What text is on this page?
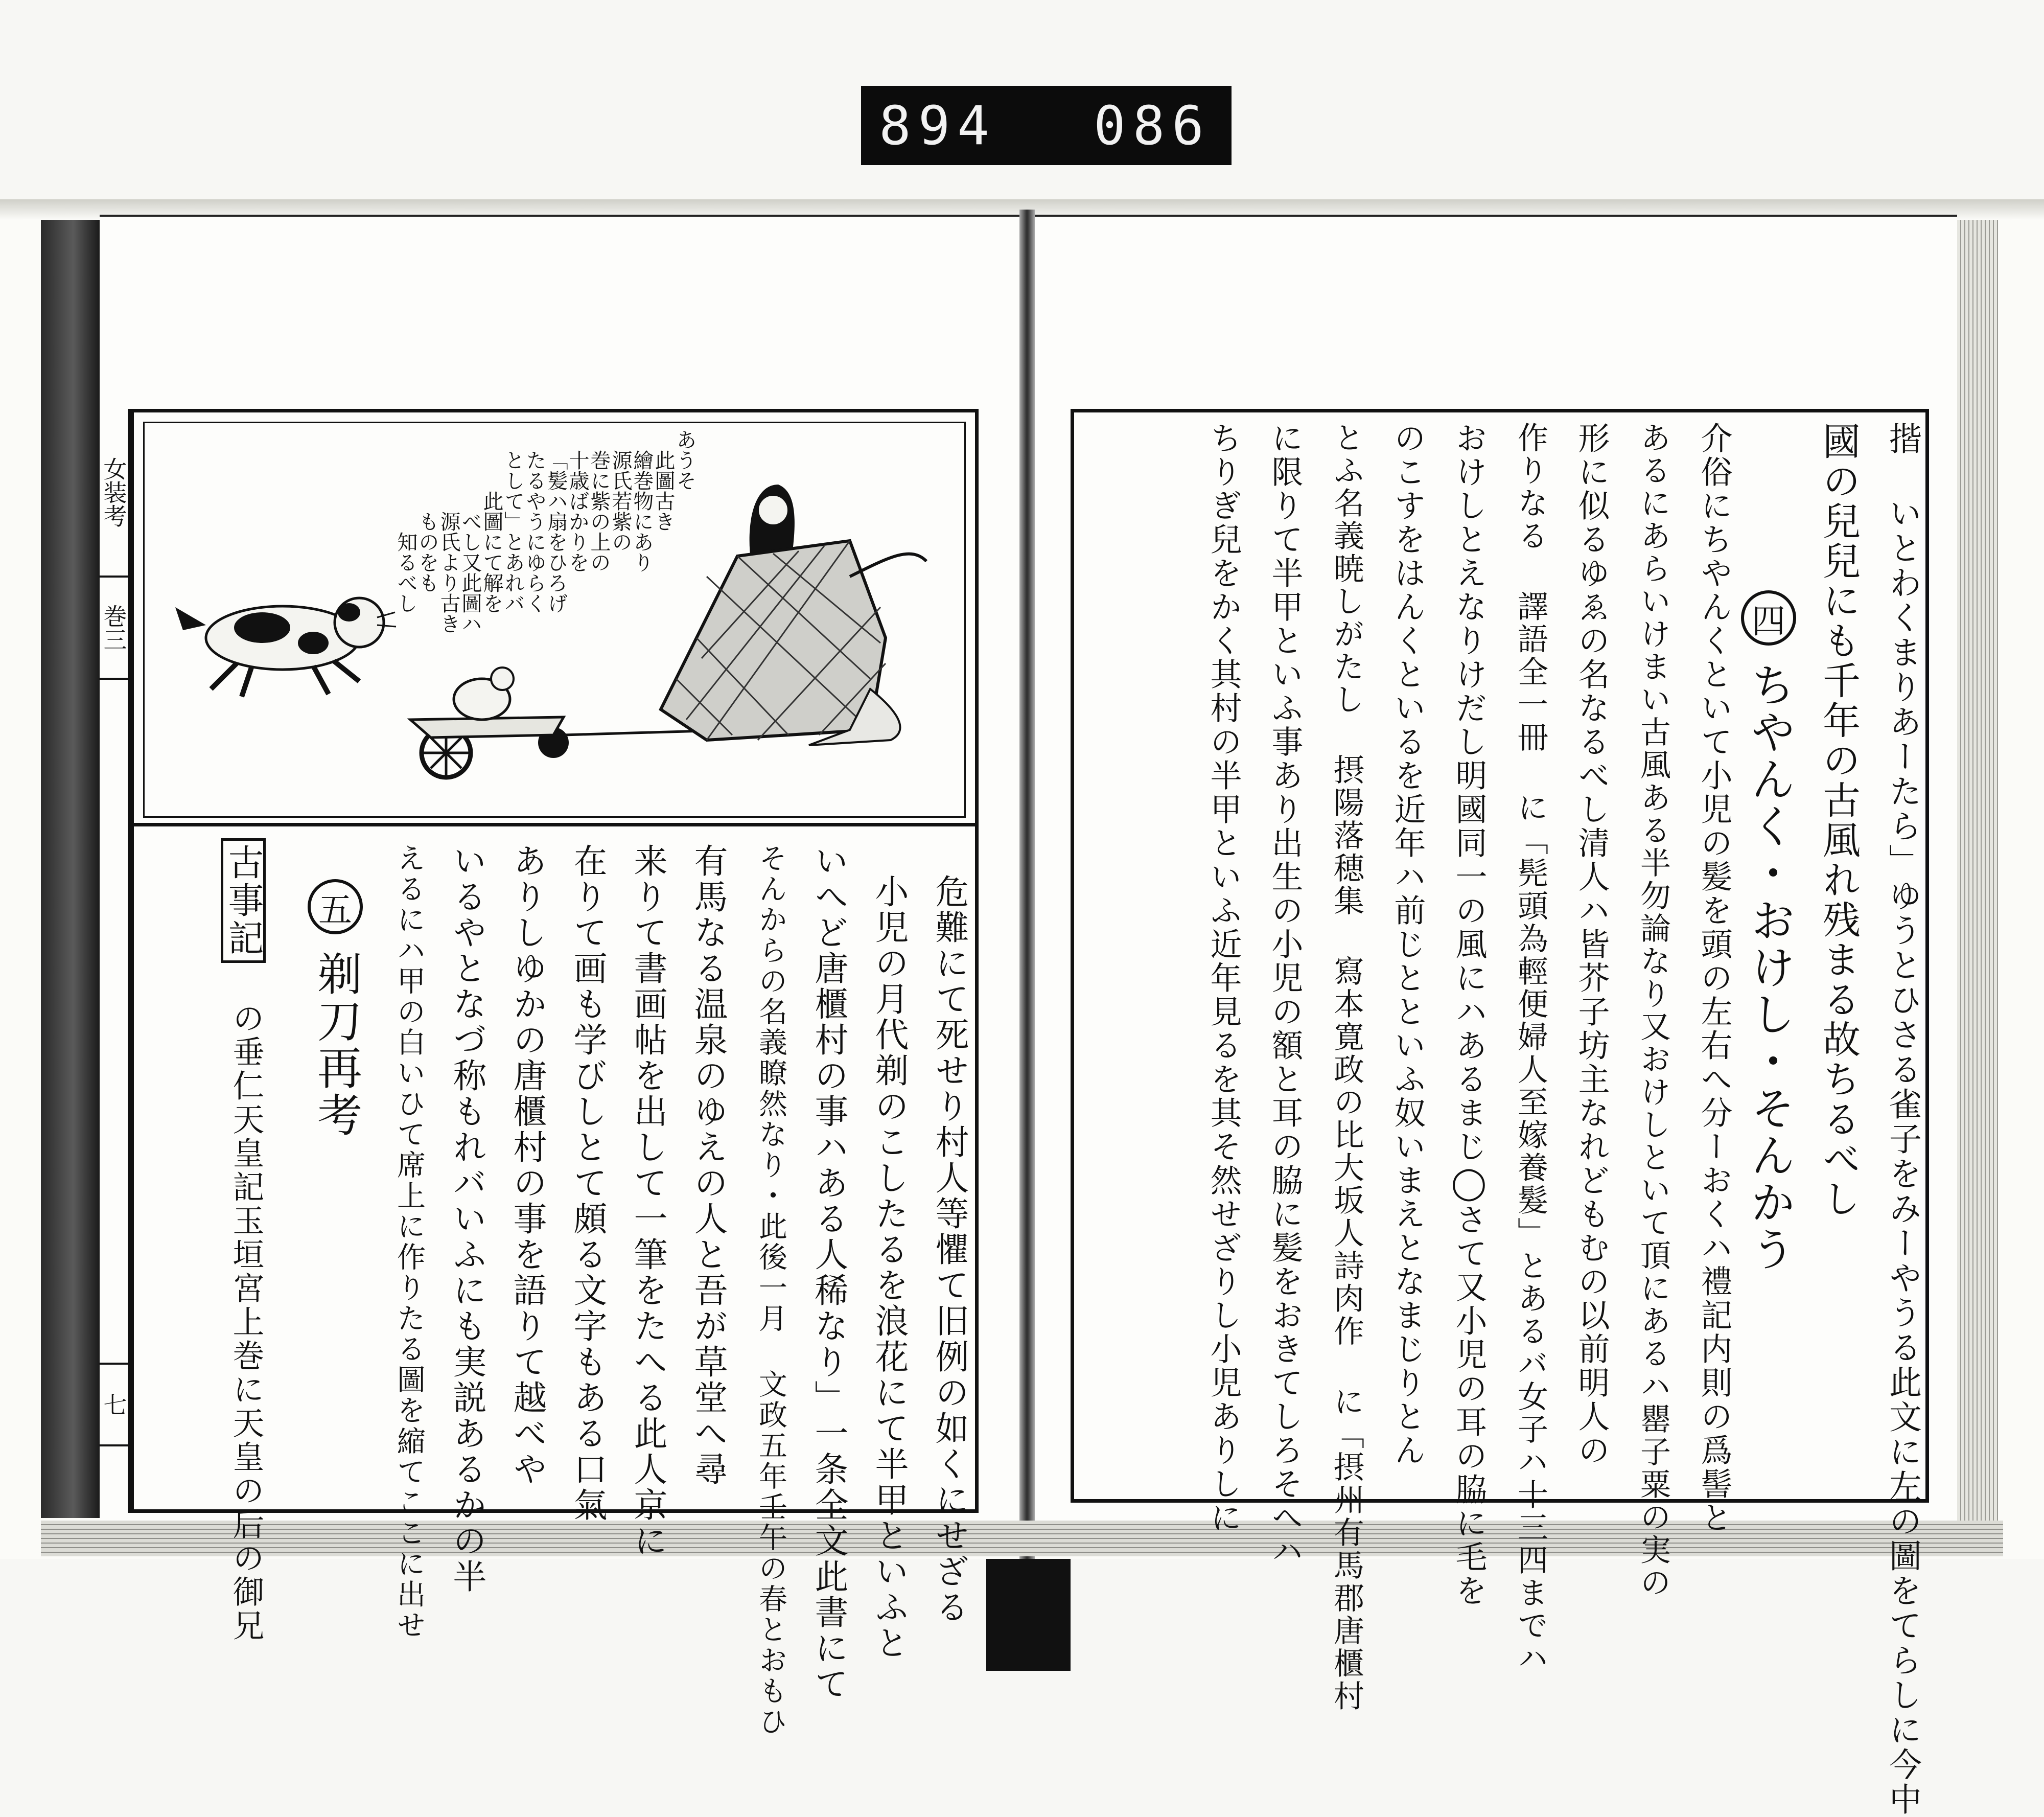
894	086
女装考
巻三
七
あうそ
此圖古き
繪巻物にあり
源氏若紫の
巻に紫の上の
十歳ばかりを
「髪ハ扇をひろげ
たるやうにゆらく
として」とあれバ
此圖にて解を
べし又此圖ハ
源氏より古き
ものをも
知るべし
危難にて死せり村人等懼て旧例の如くにせざる
小児の月代剃のこしたるを浪花にて半甲といふと
いへど唐櫃村の事ハある人稀なり」一条全文此書にて
そんからの名義瞭然なり・此後一月 文政五年壬午の春とおもひ
有馬なる温泉のゆえの人と吾が草堂へ尋
来りて書画帖を出して一筆をたへる此人京に
在りて画も学びしとて頗る文字もある口氣
ありしゆかの唐櫃村の事を語りて越べや
いるやとなづ称もれバいふにも実説あるかの半
えるにハ甲の白いひて席上に作りたる圖を縮てここに出せ
五
剃刀再考
古事記
の垂仁天皇記玉垣宮上巻に天皇の后の御兄	揩 いとわくまりあーたら」ゆうとひさる雀子をみーやうる此文に左の圖をてらしに今中
國の兒兒にも千年の古風れ残まる故ちるべし
四
ちやんく・おけし・そんかう
介俗にちやんくといて小児の髪を頭の左右へ分ーおくハ禮記内則の爲髻と
あるにあらいけまい古風ある半勿論なり又おけしといて頂にあるハ罌子粟の実の
形に似るゆゑの名なるべし清人ハ皆芥子坊主なれどもむの以前明人の
作りなる 譯語全一冊 に「髡頭為輕便婦人至嫁養髮」とあるバ女子ハ十三四までハ
おけしとえなりけだし明國同一の風にハあるまじ◯さて又小児の耳の脇に毛を
のこすをはんくといるを近年ハ前じとといふ奴いまえとなまじりとん
とふ名義暁しがたし 摂陽落穂集 寫本寛政の比大坂人詩肉作 に「摂州有馬郡唐櫃村
に限りて半甲といふ事あり出生の小児の額と耳の脇に髪をおきてしろそへハ
ちりぎ兒をかく其村の半甲といふ近年見るを其そ然せざりし小児ありしに
